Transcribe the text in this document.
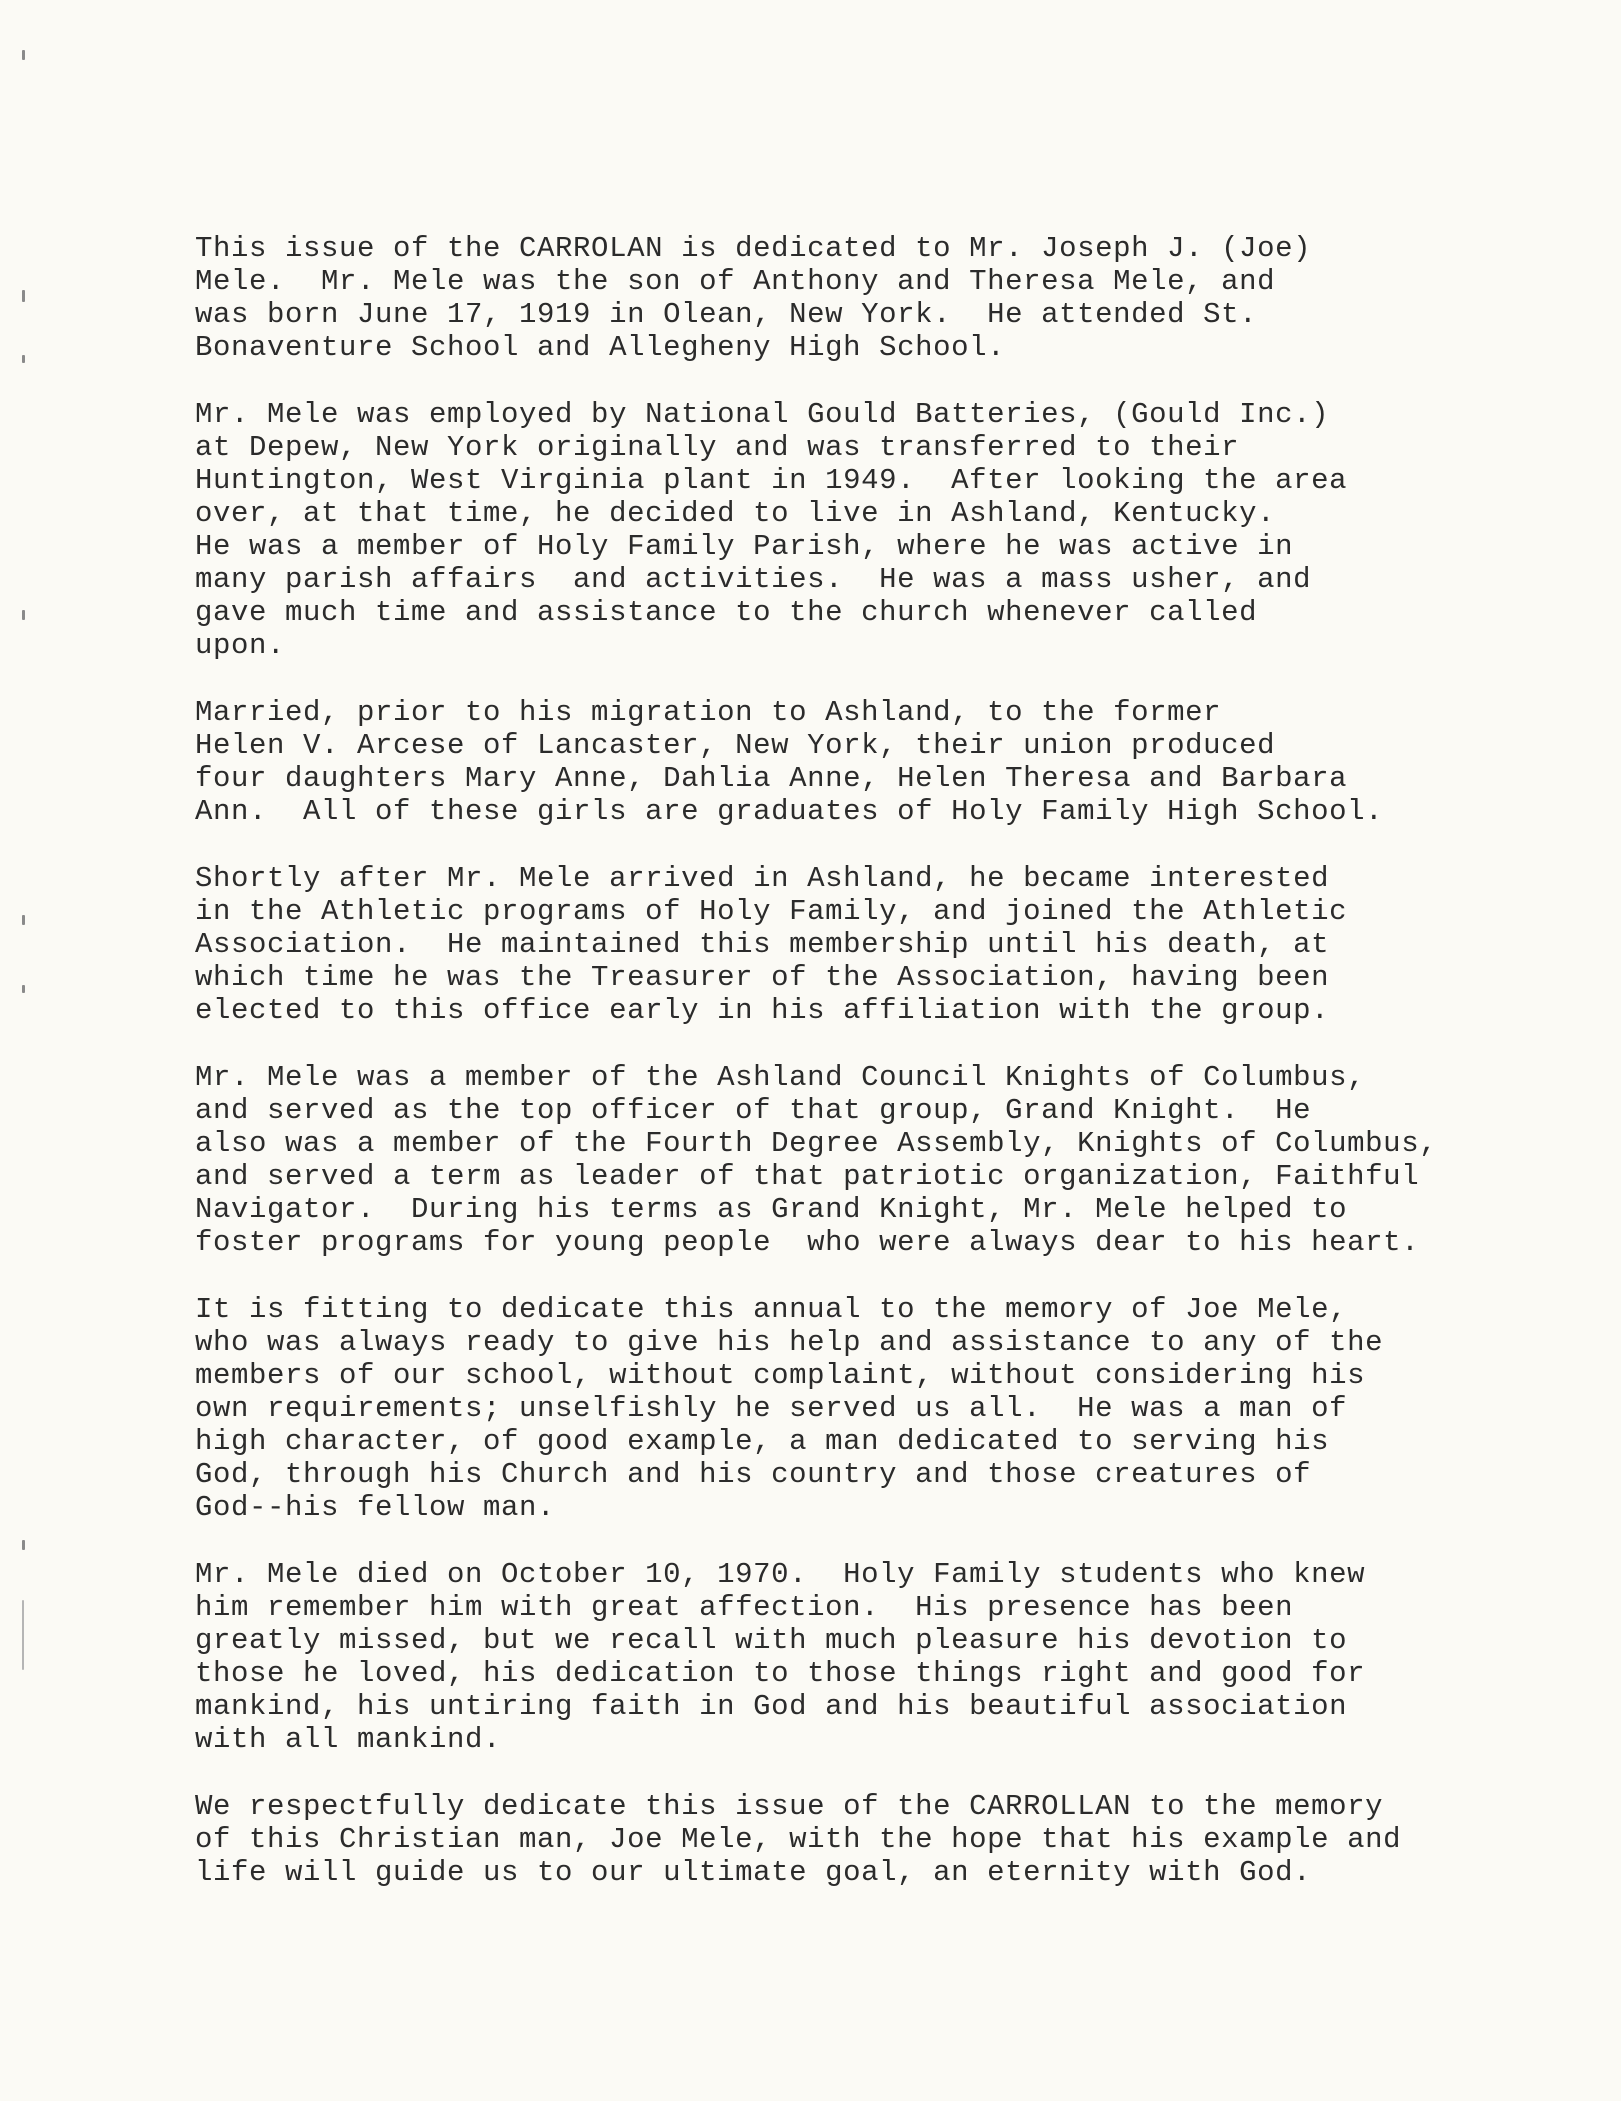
This issue of the CARROLAN is dedicated to Mr. Joseph J. (Joe)
Mele.  Mr. Mele was the son of Anthony and Theresa Mele, and
was born June 17, 1919 in Olean, New York.  He attended St.
Bonaventure School and Allegheny High School.
Mr. Mele was employed by National Gould Batteries, (Gould Inc.)
at Depew, New York originally and was transferred to their
Huntington, West Virginia plant in 1949.  After looking the area
over, at that time, he decided to live in Ashland, Kentucky.
He was a member of Holy Family Parish, where he was active in
many parish affairs  and activities.  He was a mass usher, and
gave much time and assistance to the church whenever called
upon.
Married, prior to his migration to Ashland, to the former
Helen V. Arcese of Lancaster, New York, their union produced
four daughters Mary Anne, Dahlia Anne, Helen Theresa and Barbara
Ann.  All of these girls are graduates of Holy Family High School.
Shortly after Mr. Mele arrived in Ashland, he became interested
in the Athletic programs of Holy Family, and joined the Athletic
Association.  He maintained this membership until his death, at
which time he was the Treasurer of the Association, having been
elected to this office early in his affiliation with the group.
Mr. Mele was a member of the Ashland Council Knights of Columbus,
and served as the top officer of that group, Grand Knight.  He
also was a member of the Fourth Degree Assembly, Knights of Columbus,
and served a term as leader of that patriotic organization, Faithful
Navigator.  During his terms as Grand Knight, Mr. Mele helped to
foster programs for young people  who were always dear to his heart.
It is fitting to dedicate this annual to the memory of Joe Mele,
who was always ready to give his help and assistance to any of the
members of our school, without complaint, without considering his
own requirements; unselfishly he served us all.  He was a man of
high character, of good example, a man dedicated to serving his
God, through his Church and his country and those creatures of
God--his fellow man.
Mr. Mele died on October 10, 1970.  Holy Family students who knew
him remember him with great affection.  His presence has been
greatly missed, but we recall with much pleasure his devotion to
those he loved, his dedication to those things right and good for
mankind, his untiring faith in God and his beautiful association
with all mankind.
We respectfully dedicate this issue of the CARROLLAN to the memory
of this Christian man, Joe Mele, with the hope that his example and
life will guide us to our ultimate goal, an eternity with God.
